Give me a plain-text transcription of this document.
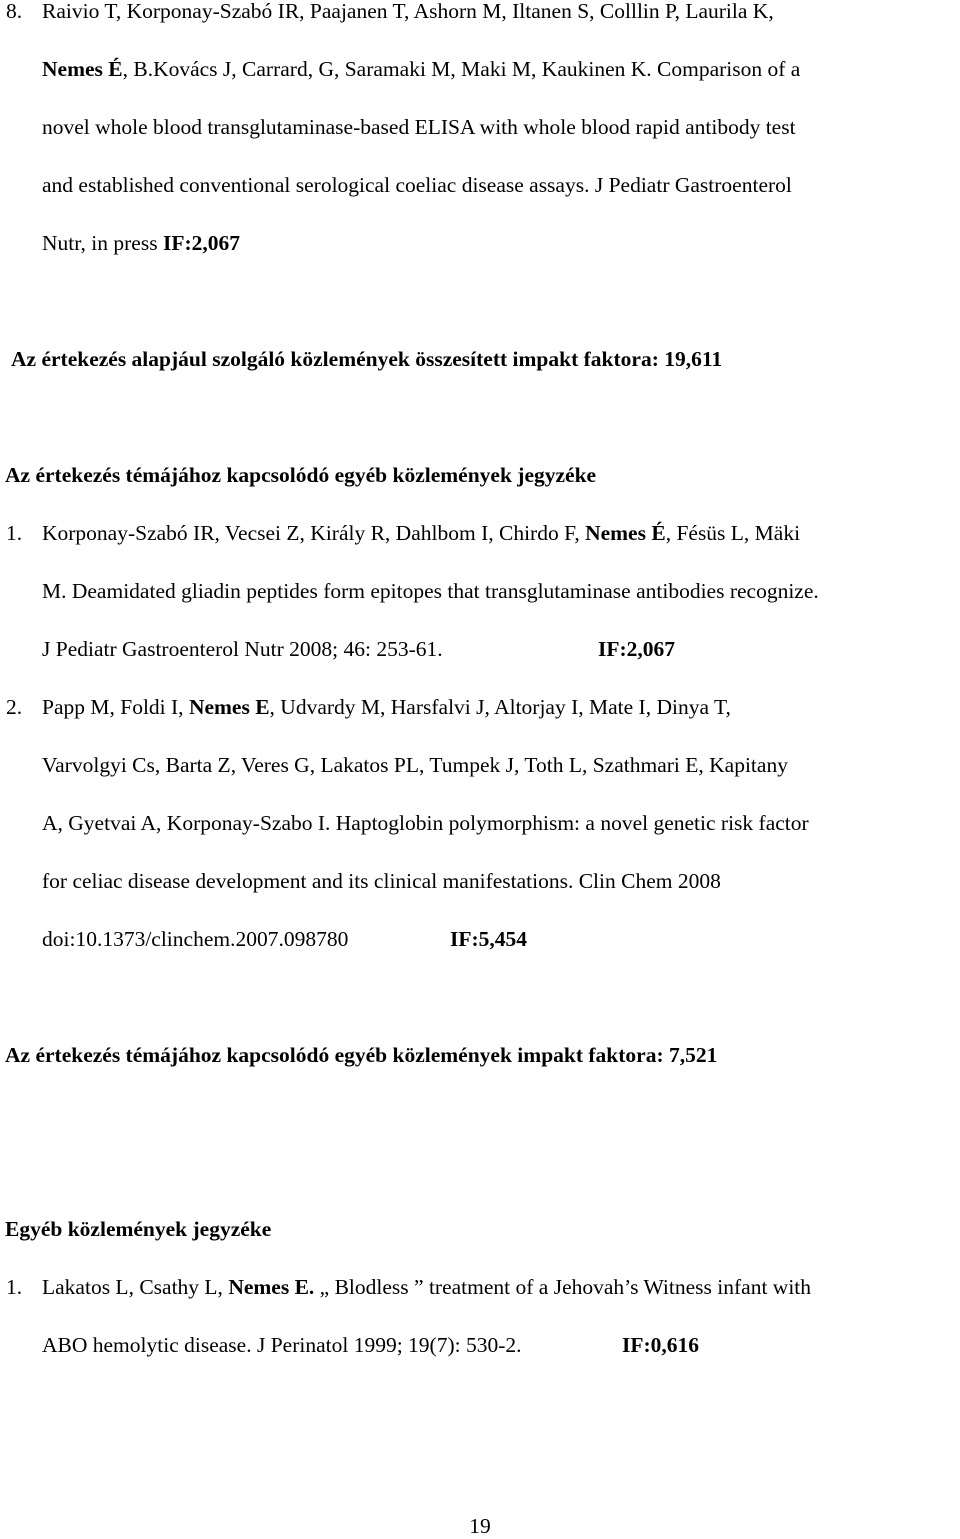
8. Raivio T, Korponay-Szabó IR, Paajanen T, Ashorn M, Iltanen S, Colllin P, Laurila K,
Nemes É, B.Kovács J, Carrard, G, Saramaki M, Maki M, Kaukinen K. Comparison of a
novel whole blood transglutaminase-based ELISA with whole blood rapid antibody test
and established conventional serological coeliac disease assays. J Pediatr Gastroenterol
Nutr, in press IF:2,067
Az értekezés alapjául szolgáló közlemények összesített impakt faktora: 19,611
Az értekezés témájához kapcsolódó egyéb közlemények jegyzéke
1. Korponay-Szabó IR, Vecsei Z, Király R, Dahlbom I, Chirdo F, Nemes É, Fésüs L, Mäki
M. Deamidated gliadin peptides form epitopes that transglutaminase antibodies recognize.
J Pediatr Gastroenterol Nutr 2008; 46: 253-61.	IF:2,067
2. Papp M, Foldi I, Nemes E, Udvardy M, Harsfalvi J, Altorjay I, Mate I, Dinya T,
Varvolgyi Cs, Barta Z, Veres G, Lakatos PL, Tumpek J, Toth L, Szathmari E, Kapitany
A, Gyetvai A, Korponay-Szabo I. Haptoglobin polymorphism: a novel genetic risk factor
for celiac disease development and its clinical manifestations. Clin Chem 2008
doi:10.1373/clinchem.2007.098780	IF:5,454
Az értekezés témájához kapcsolódó egyéb közlemények impakt faktora: 7,521
Egyéb közlemények jegyzéke
1. Lakatos L, Csathy L, Nemes E. „ Blodless ” treatment of a Jehovah’s Witness infant with
ABO hemolytic disease. J Perinatol 1999; 19(7): 530-2.	IF:0,616
19
